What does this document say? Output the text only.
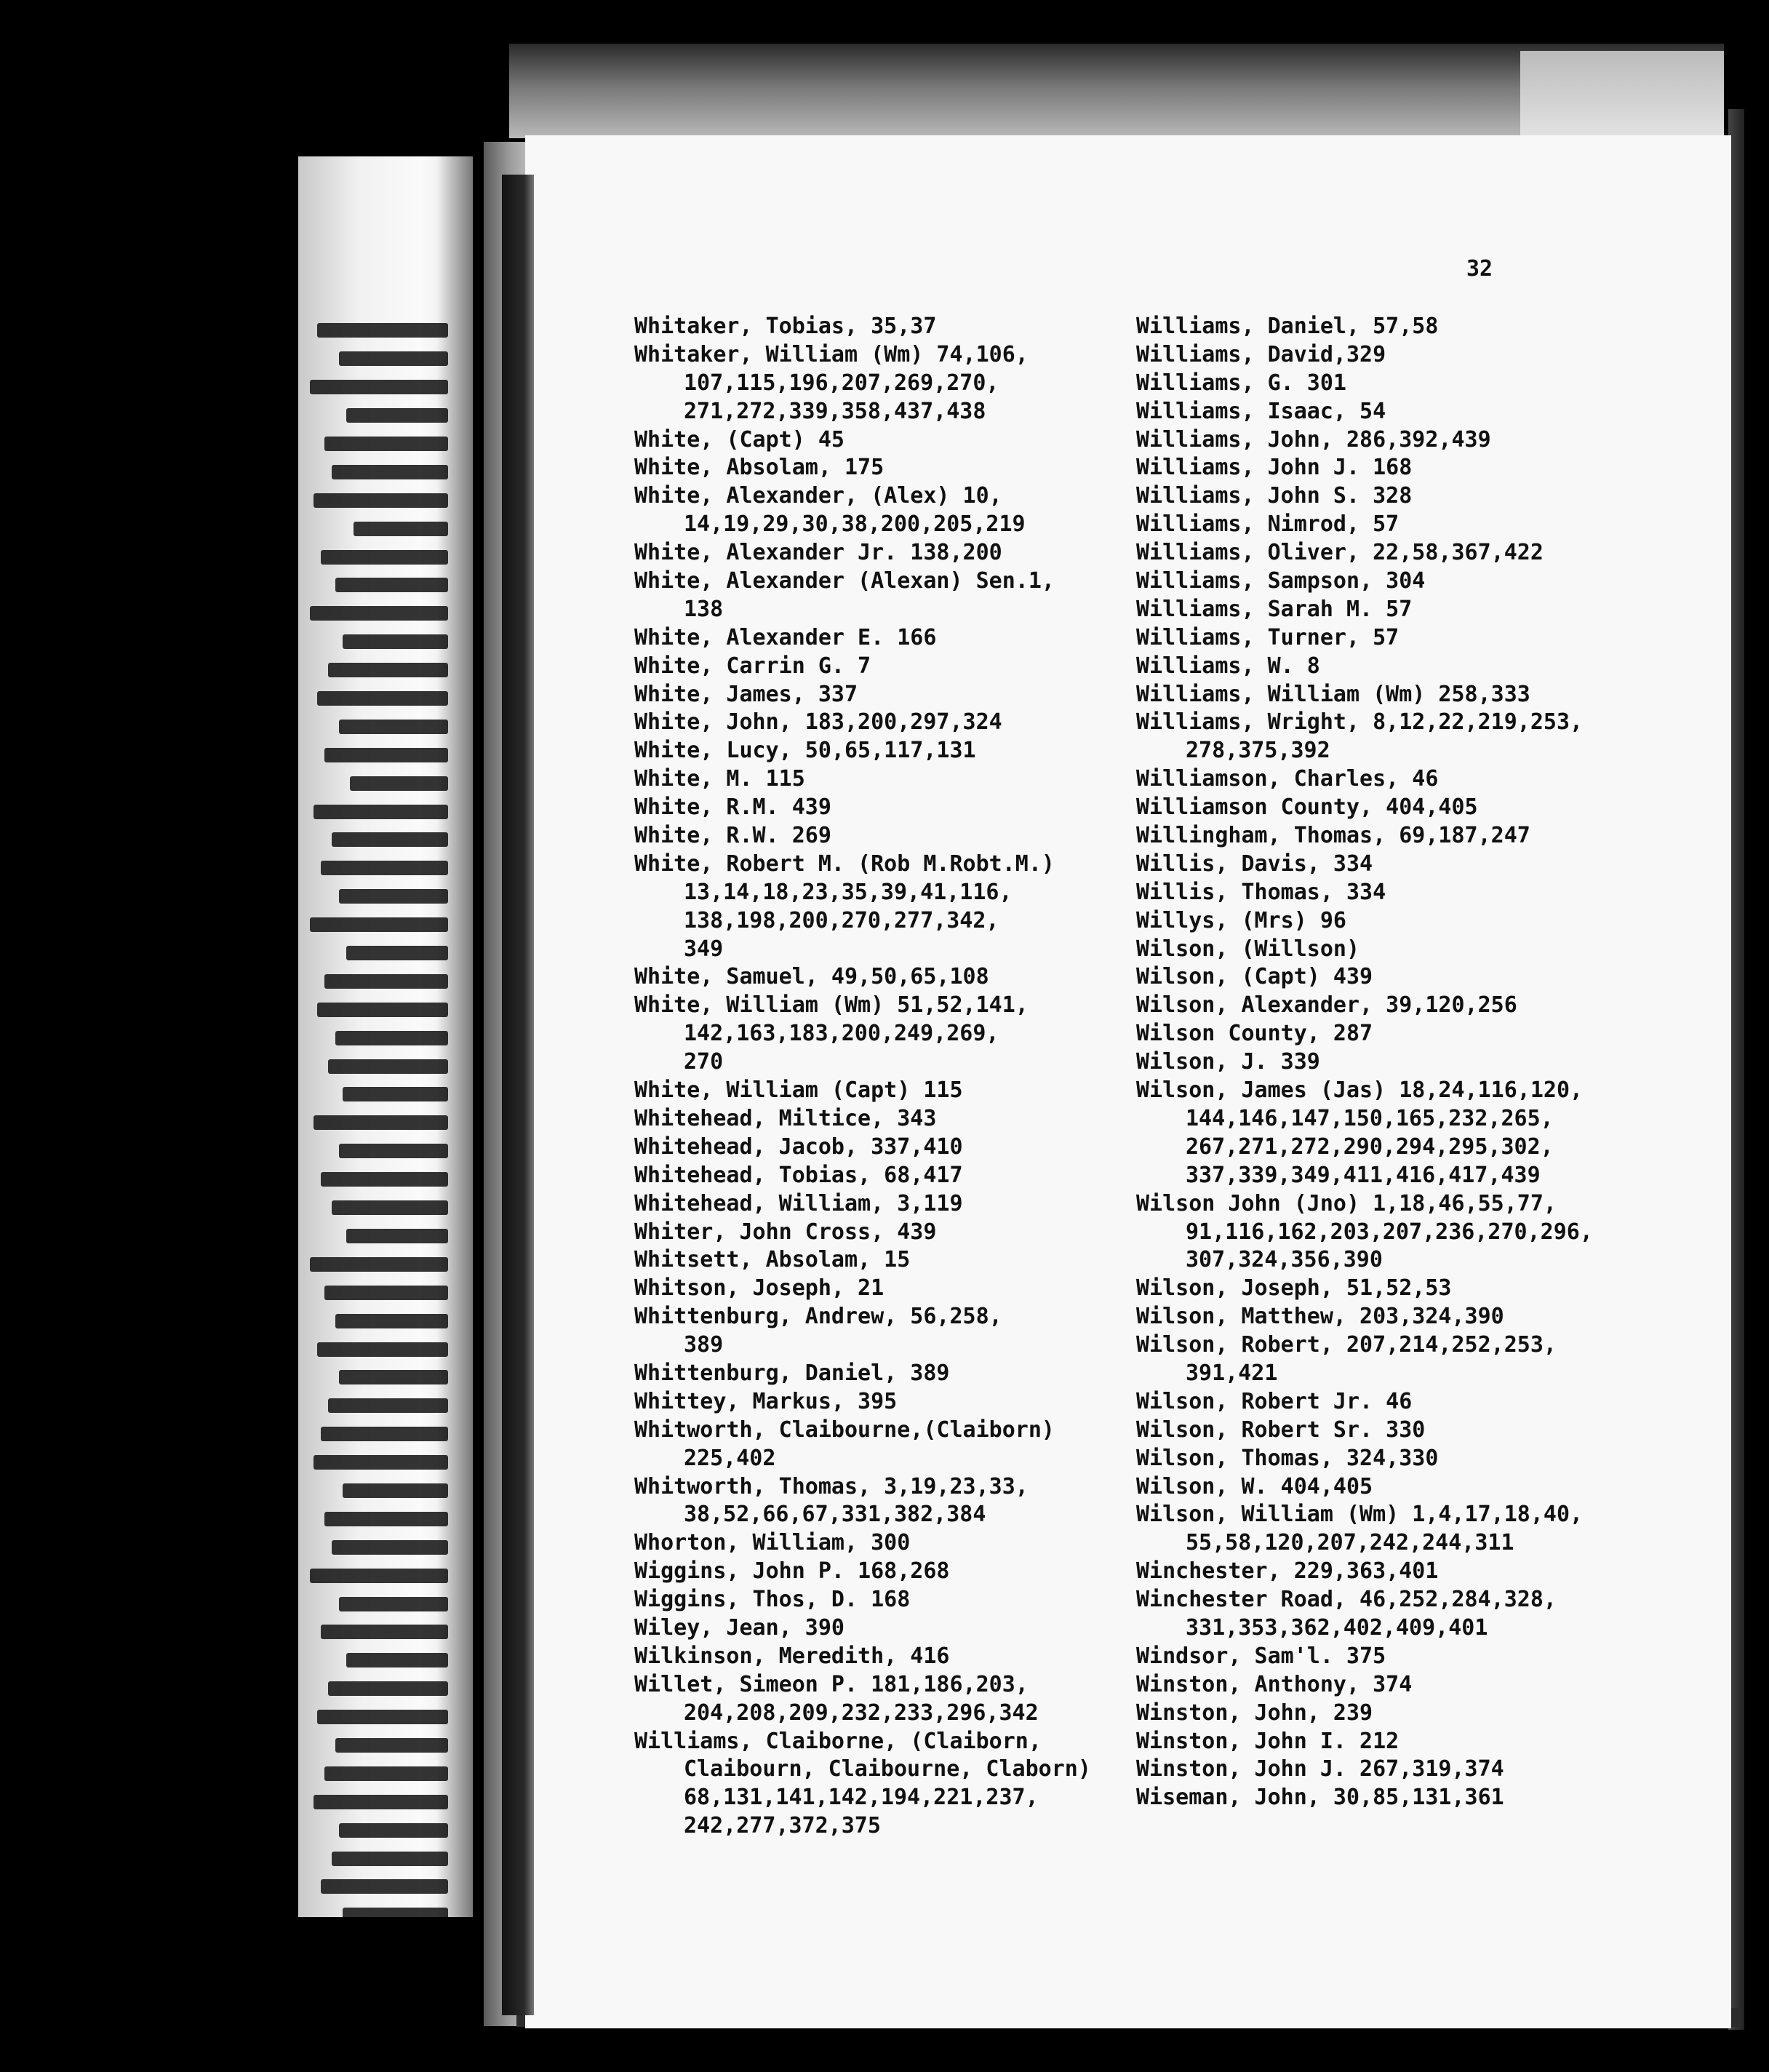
32

Whitaker, Tobias, 35,37
Whitaker, William (Wm) 74,106,
107,115,196,207,269,270,
271,272,339,358,437,438
White, (Capt) 45
White, Absolam, 175
White, Alexander, (Alex) 10,
14,19,29,30,38,200,205,219
White, Alexander Jr. 138,200
White, Alexander (Alexan) Sen.1,
138
White, Alexander E. 166
White, Carrin G. 7
White, James, 337
White, John, 183,200,297,324
White, Lucy, 50,65,117,131
White, M. 115
White, R.M. 439
White, R.W. 269
White, Robert M. (Rob M.Robt.M.)
13,14,18,23,35,39,41,116,
138,198,200,270,277,342,
349
White, Samuel, 49,50,65,108
White, William (Wm) 51,52,141,
142,163,183,200,249,269,
270
White, William (Capt) 115
Whitehead, Miltice, 343
Whitehead, Jacob, 337,410
Whitehead, Tobias, 68,417
Whitehead, William, 3,119
Whiter, John Cross, 439
Whitsett, Absolam, 15
Whitson, Joseph, 21
Whittenburg, Andrew, 56,258,
389
Whittenburg, Daniel, 389
Whittey, Markus, 395
Whitworth, Claibourne,(Claiborn)
225,402
Whitworth, Thomas, 3,19,23,33,
38,52,66,67,331,382,384
Whorton, William, 300
Wiggins, John P. 168,268
Wiggins, Thos, D. 168
Wiley, Jean, 390
Wilkinson, Meredith, 416
Willet, Simeon P. 181,186,203,
204,208,209,232,233,296,342
Williams, Claiborne, (Claiborn,
Claibourn, Claibourne, Claborn)
68,131,141,142,194,221,237,
242,277,372,375
Williams, Daniel, 57,58
Williams, David,329
Williams, G. 301
Williams, Isaac, 54
Williams, John, 286,392,439
Williams, John J. 168
Williams, John S. 328
Williams, Nimrod, 57
Williams, Oliver, 22,58,367,422
Williams, Sampson, 304
Williams, Sarah M. 57
Williams, Turner, 57
Williams, W. 8
Williams, William (Wm) 258,333
Williams, Wright, 8,12,22,219,253,
278,375,392
Williamson, Charles, 46
Williamson County, 404,405
Willingham, Thomas, 69,187,247
Willis, Davis, 334
Willis, Thomas, 334
Willys, (Mrs) 96
Wilson, (Willson)
Wilson, (Capt) 439
Wilson, Alexander, 39,120,256
Wilson County, 287
Wilson, J. 339
Wilson, James (Jas) 18,24,116,120,
144,146,147,150,165,232,265,
267,271,272,290,294,295,302,
337,339,349,411,416,417,439
Wilson John (Jno) 1,18,46,55,77,
91,116,162,203,207,236,270,296,
307,324,356,390
Wilson, Joseph, 51,52,53
Wilson, Matthew, 203,324,390
Wilson, Robert, 207,214,252,253,
391,421
Wilson, Robert Jr. 46
Wilson, Robert Sr. 330
Wilson, Thomas, 324,330
Wilson, W. 404,405
Wilson, William (Wm) 1,4,17,18,40,
55,58,120,207,242,244,311
Winchester, 229,363,401
Winchester Road, 46,252,284,328,
331,353,362,402,409,401
Windsor, Sam'l. 375
Winston, Anthony, 374
Winston, John, 239
Winston, John I. 212
Winston, John J. 267,319,374
Wiseman, John, 30,85,131,361
